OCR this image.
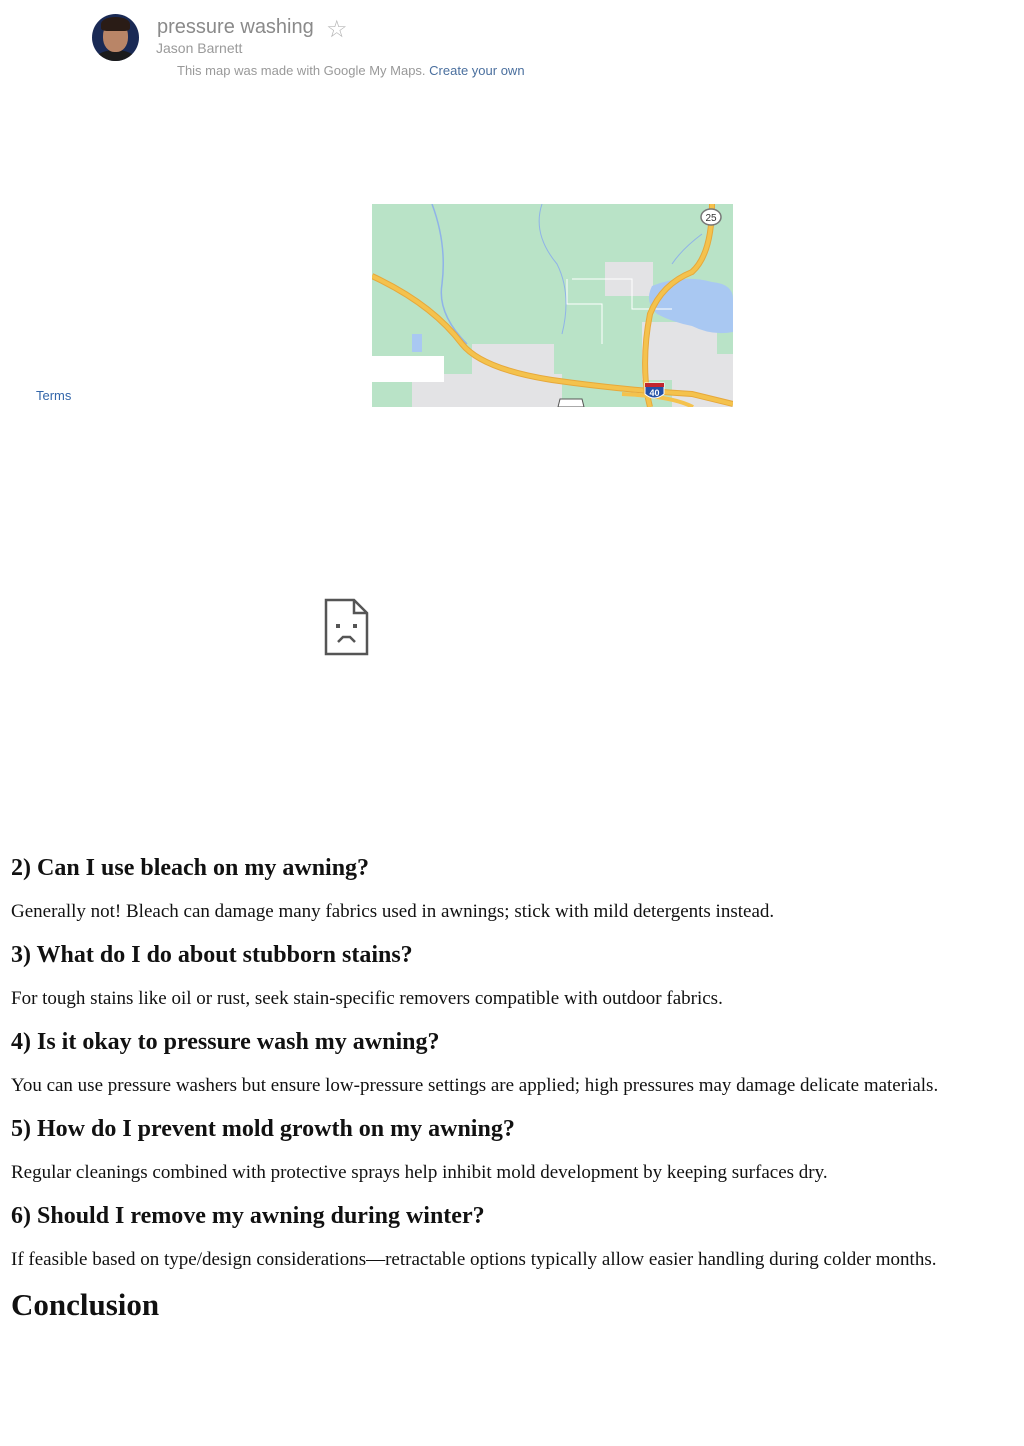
pressure washing ☆
Jason Barnett
This map was made with Google My Maps. Create your own
25
40
Terms
2) Can I use bleach on my awning?

Generally not! Bleach can damage many fabrics used in awnings; stick with mild detergents instead.

3) What do I do about stubborn stains?

For tough stains like oil or rust, seek stain-specific removers compatible with outdoor fabrics.

4) Is it okay to pressure wash my awning?

You can use pressure washers but ensure low-pressure settings are applied; high pressures may damage delicate materials.

5) How do I prevent mold growth on my awning?

Regular cleanings combined with protective sprays help inhibit mold development by keeping surfaces dry.

6) Should I remove my awning during winter?

If feasible based on type/design considerations—retractable options typically allow easier handling during colder months.

Conclusion
